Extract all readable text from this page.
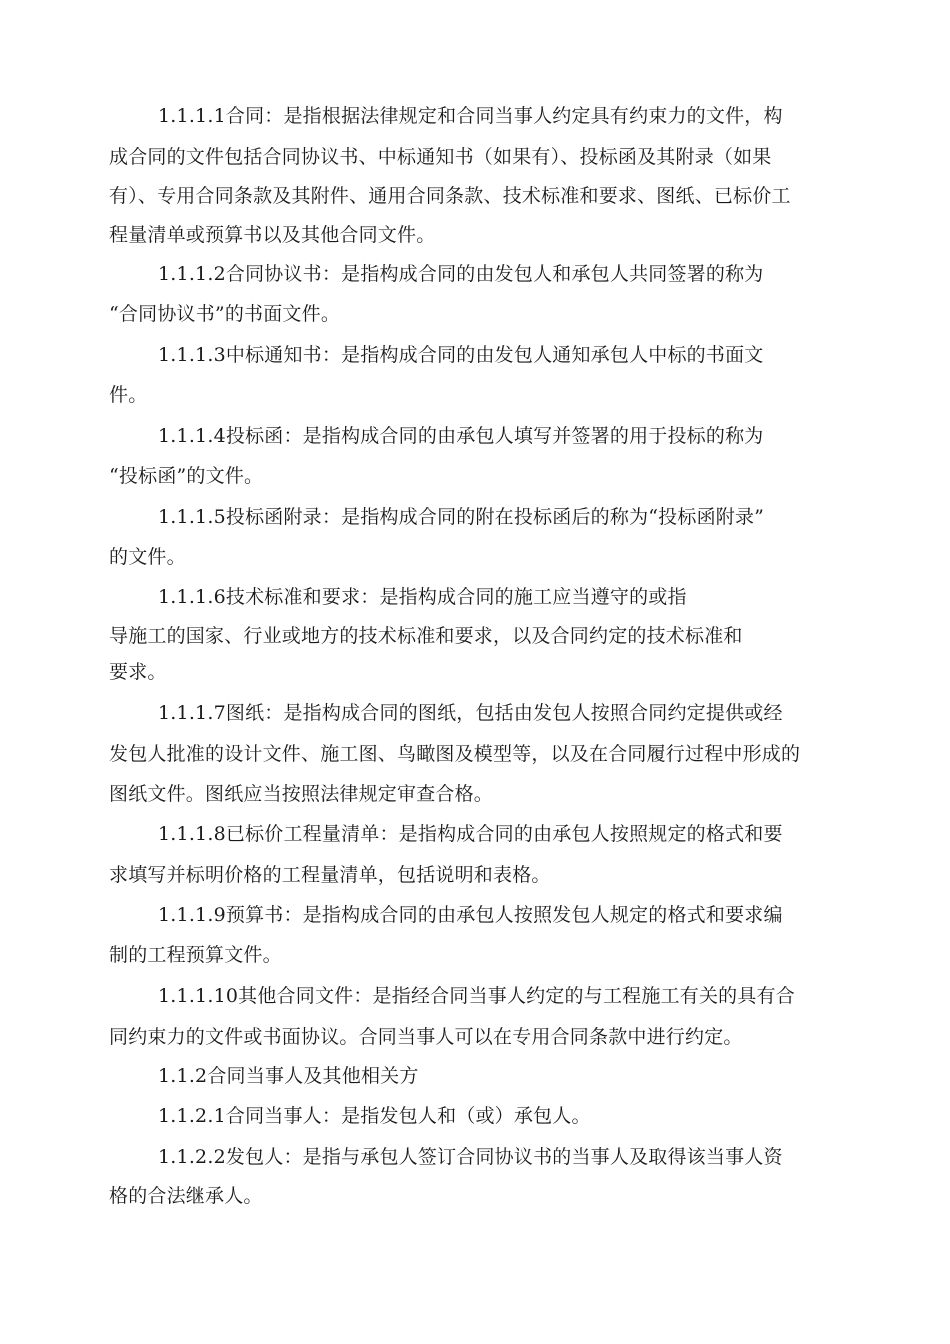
1.1.1.1合同：是指根据法律规定和合同当事人约定具有约束力的文件，构
成合同的文件包括合同协议书、中标通知书（如果有）、投标函及其附录（如果
有）、专用合同条款及其附件、通用合同条款、技术标准和要求、图纸、已标价工
程量清单或预算书以及其他合同文件。
1.1.1.2合同协议书：是指构成合同的由发包人和承包人共同签署的称为
“合同协议书”的书面文件。
1.1.1.3中标通知书：是指构成合同的由发包人通知承包人中标的书面文
件。
1.1.1.4投标函：是指构成合同的由承包人填写并签署的用于投标的称为
“投标函”的文件。
1.1.1.5投标函附录：是指构成合同的附在投标函后的称为“投标函附录”
的文件。
1.1.1.6技术标准和要求：是指构成合同的施工应当遵守的或指
导施工的国家、行业或地方的技术标准和要求，以及合同约定的技术标准和
要求。
1.1.1.7图纸：是指构成合同的图纸，包括由发包人按照合同约定提供或经
发包人批准的设计文件、施工图、鸟瞰图及模型等，以及在合同履行过程中形成的
图纸文件。图纸应当按照法律规定审查合格。
1.1.1.8已标价工程量清单：是指构成合同的由承包人按照规定的格式和要
求填写并标明价格的工程量清单，包括说明和表格。
1.1.1.9预算书：是指构成合同的由承包人按照发包人规定的格式和要求编
制的工程预算文件。
1.1.1.10其他合同文件：是指经合同当事人约定的与工程施工有关的具有合
同约束力的文件或书面协议。合同当事人可以在专用合同条款中进行约定。
1.1.2合同当事人及其他相关方
1.1.2.1合同当事人：是指发包人和（或）承包人。
1.1.2.2发包人：是指与承包人签订合同协议书的当事人及取得该当事人资
格的合法继承人。
